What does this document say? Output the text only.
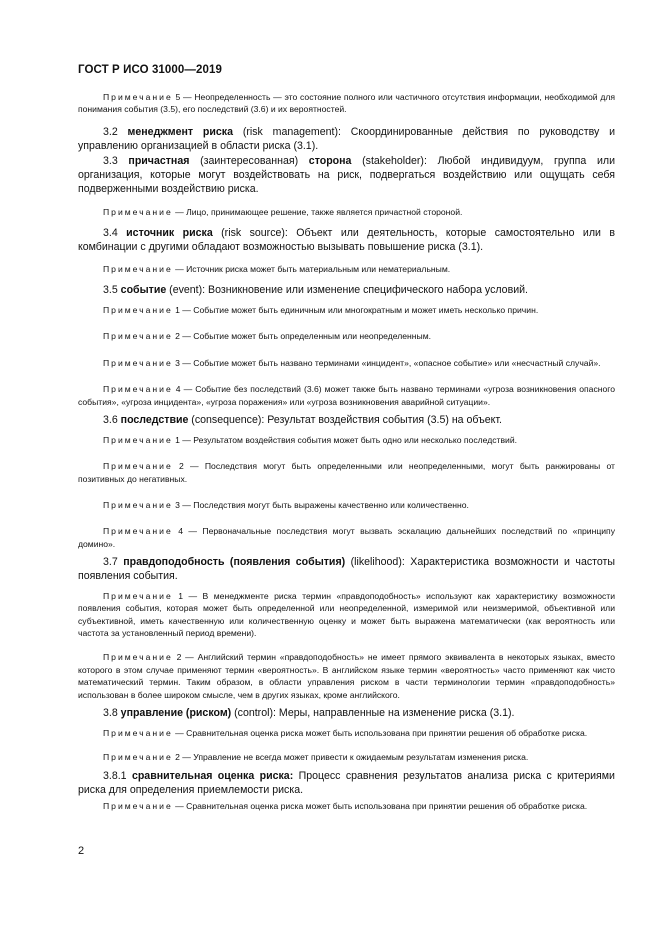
ГОСТ Р ИСО 31000—2019

Примечание 5 — Неопределенность — это состояние полного или частичного отсутствия информации, необходимой для понимания события (3.5), его последствий (3.6) и их вероятностей.

3.2 менеджмент риска (risk management): Скоординированные действия по руководству и управлению организацией в области риска (3.1).

3.3 причастная (заинтересованная) сторона (stakeholder): Любой индивидуум, группа или организация, которые могут воздействовать на риск, подвергаться воздействию или ощущать себя подверженными воздействию риска.

Примечание — Лицо, принимающее решение, также является причастной стороной.

3.4 источник риска (risk source): Объект или деятельность, которые самостоятельно или в комбинации с другими обладают возможностью вызывать повышение риска (3.1).

Примечание — Источник риска может быть материальным или нематериальным.

3.5 событие (event): Возникновение или изменение специфического набора условий.

Примечание 1 — Событие может быть единичным или многократным и может иметь несколько причин.

Примечание 2 — Событие может быть определенным или неопределенным.

Примечание 3 — Событие может быть названо терминами «инцидент», «опасное событие» или «несчастный случай».

Примечание 4 — Событие без последствий (3.6) может также быть названо терминами «угроза возникновения опасного события», «угроза инцидента», «угроза поражения» или «угроза возникновения аварийной ситуации».

3.6 последствие (consequence): Результат воздействия события (3.5) на объект.

Примечание 1 — Результатом воздействия события может быть одно или несколько последствий.

Примечание 2 — Последствия могут быть определенными или неопределенными, могут быть ранжированы от позитивных до негативных.

Примечание 3 — Последствия могут быть выражены качественно или количественно.

Примечание 4 — Первоначальные последствия могут вызвать эскалацию дальнейших последствий по «принципу домино».

3.7 правдоподобность (появления события) (likelihood): Характеристика возможности и частоты появления события.

Примечание 1 — В менеджменте риска термин «правдоподобность» используют как характеристику возможности появления события, которая может быть определенной или неопределенной, измеримой или неизмеримой, объективной или субъективной, иметь качественную или количественную оценку и может быть выражена математически (как вероятность или частота за установленный период времени).

Примечание 2 — Английский термин «правдоподобность» не имеет прямого эквивалента в некоторых языках, вместо которого в этом случае применяют термин «вероятность». В английском языке термин «вероятность» часто применяют как чисто математический термин. Таким образом, в области управления риском в части терминологии термин «правдоподобность» использован в более широком смысле, чем в других языках, кроме английского.

3.8 управление (риском) (control): Меры, направленные на изменение риска (3.1).

Примечание — Сравнительная оценка риска может быть использована при принятии решения об обработке риска.

Примечание 2 — Управление не всегда может привести к ожидаемым результатам изменения риска.

3.8.1 сравнительная оценка риска: Процесс сравнения результатов анализа риска с критериями риска для определения приемлемости риска.

Примечание — Сравнительная оценка риска может быть использована при принятии решения об обработке риска.

2
